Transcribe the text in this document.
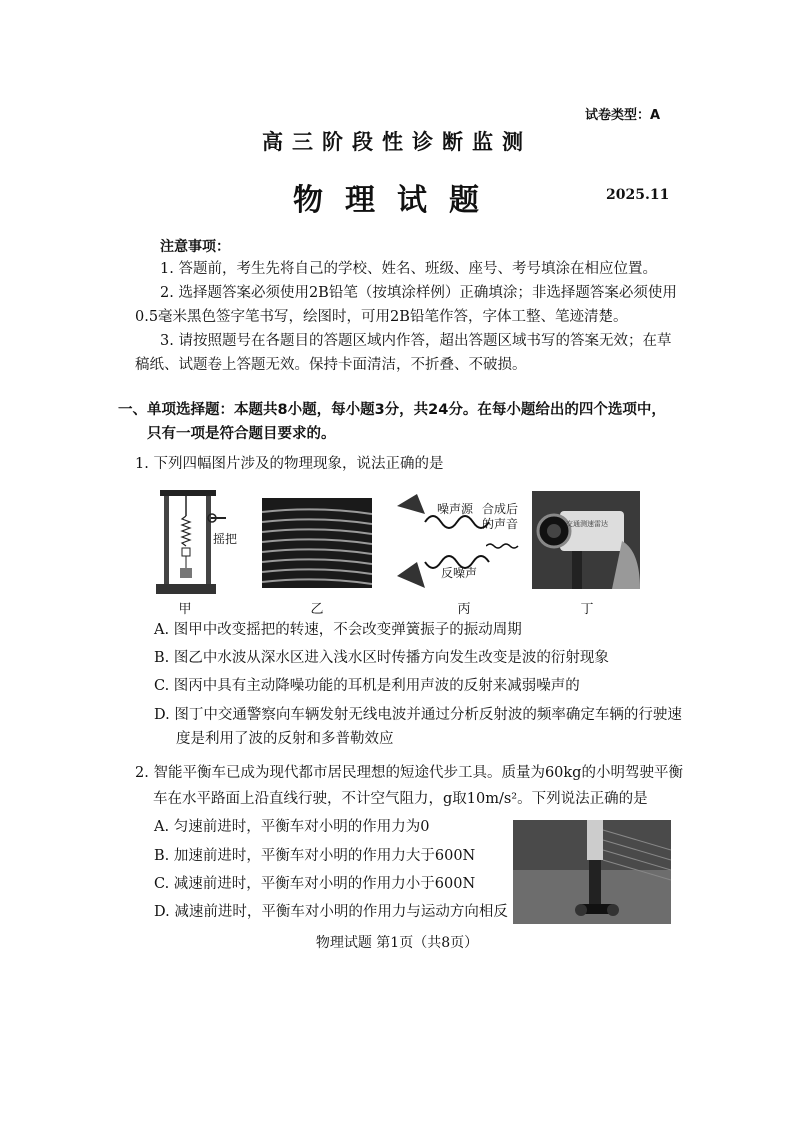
试卷类型：A
高三阶段性诊断监测
物理试题	2025.11
注意事项：
1. 答题前，考生先将自己的学校、姓名、班级、座号、考号填涂在相应位置。
2. 选择题答案必须使用2B铅笔（按填涂样例）正确填涂；非选择题答案必须使用0.5毫米黑色签字笔书写，绘图时，可用2B铅笔作答，字体工整、笔迹清楚。
3. 请按照题号在各题目的答题区域内作答，超出答题区域书写的答案无效；在草稿纸、试题卷上答题无效。保持卡面清洁，不折叠、不破损。
一、单项选择题：本题共8小题，每小题3分，共24分。在每小题给出的四个选项中，只有一项是符合题目要求的。
1. 下列四幅图片涉及的物理现象，说法正确的是
摇把
甲	乙
噪声源 合成后的声音
反噪声
丙
交通测速雷达
丁
A. 图甲中改变摇把的转速，不会改变弹簧振子的振动周期
B. 图乙中水波从深水区进入浅水区时传播方向发生改变是波的衍射现象
C. 图丙中具有主动降噪功能的耳机是利用声波的反射来减弱噪声的
D. 图丁中交通警察向车辆发射无线电波并通过分析反射波的频率确定车辆的行驶速度是利用了波的反射和多普勒效应
2. 智能平衡车已成为现代都市居民理想的短途代步工具。质量为60kg的小明驾驶平衡车在水平路面上沿直线行驶，不计空气阻力，g取10m/s²。下列说法正确的是
A. 匀速前进时，平衡车对小明的作用力为0
B. 加速前进时，平衡车对小明的作用力大于600N
C. 减速前进时，平衡车对小明的作用力小于600N
D. 减速前进时，平衡车对小明的作用力与运动方向相反
物理试题 第1页（共8页）
